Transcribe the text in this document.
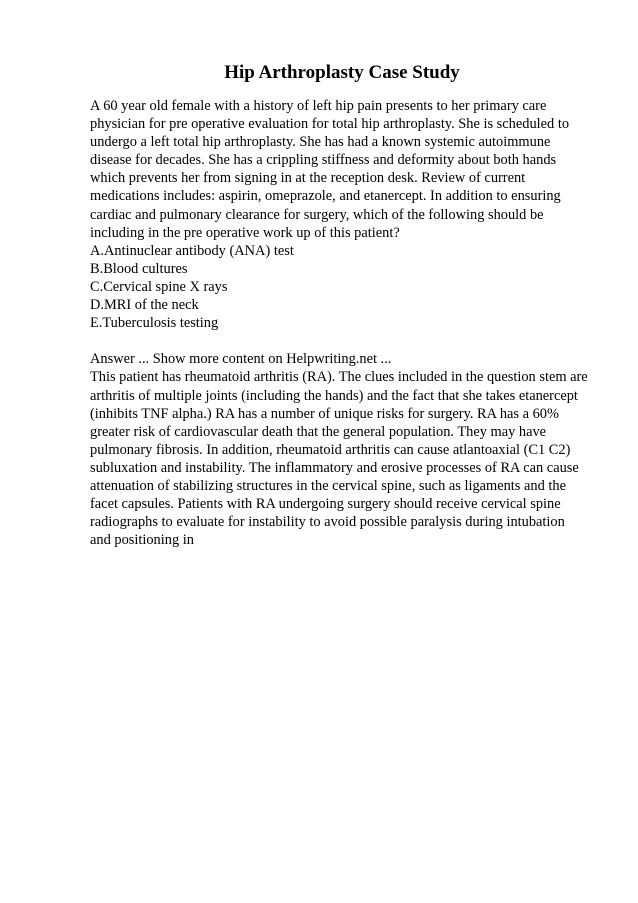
Hip Arthroplasty Case Study
A 60 year old female with a history of left hip pain presents to her primary care
physician for pre operative evaluation for total hip arthroplasty. She is scheduled to
undergo a left total hip arthroplasty. She has had a known systemic autoimmune
disease for decades. She has a crippling stiffness and deformity about both hands
which prevents her from signing in at the reception desk. Review of current
medications includes: aspirin, omeprazole, and etanercept. In addition to ensuring
cardiac and pulmonary clearance for surgery, which of the following should be
including in the pre operative work up of this patient?
A.Antinuclear antibody (ANA) test
B.Blood cultures
C.Cervical spine X rays
D.MRI of the neck
E.Tuberculosis testing
Answer ... Show more content on Helpwriting.net ...
This patient has rheumatoid arthritis (RA). The clues included in the question stem are
arthritis of multiple joints (including the hands) and the fact that she takes etanercept
(inhibits TNF alpha.) RA has a number of unique risks for surgery. RA has a 60%
greater risk of cardiovascular death that the general population. They may have
pulmonary fibrosis. In addition, rheumatoid arthritis can cause atlantoaxial (C1 C2)
subluxation and instability. The inflammatory and erosive processes of RA can cause
attenuation of stabilizing structures in the cervical spine, such as ligaments and the
facet capsules. Patients with RA undergoing surgery should receive cervical spine
radiographs to evaluate for instability to avoid possible paralysis during intubation
and positioning in
